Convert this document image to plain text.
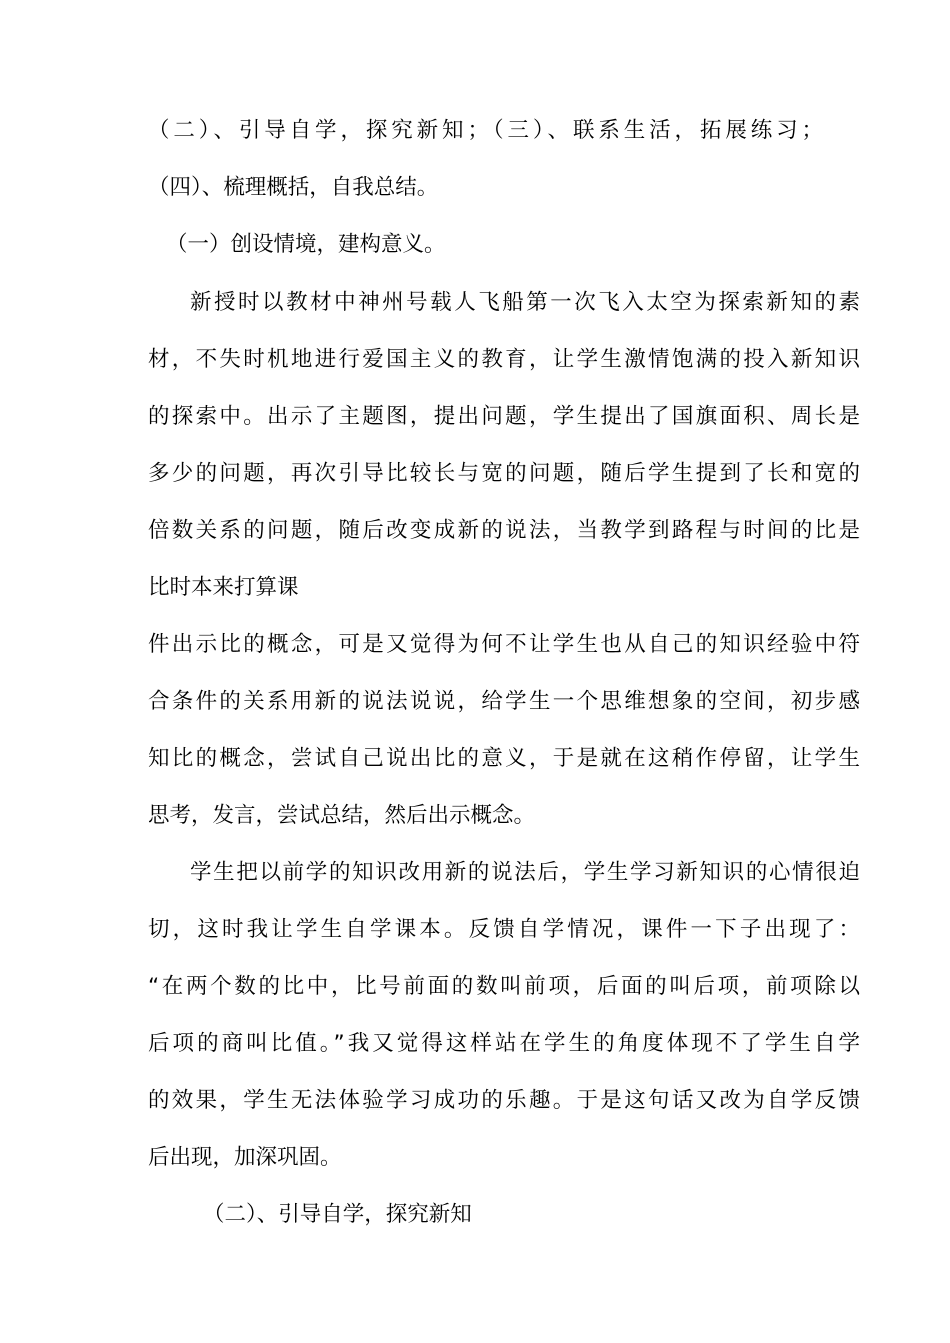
（二）、引导自学，探究新知；（三）、联系生活，拓展练习；

（四）、梳理概括，自我总结。

（一）创设情境，建构意义。

新授时以教材中神州号载人飞船第一次飞入太空为探索新知的素

材，不失时机地进行爱国主义的教育，让学生激情饱满的投入新知识

的探索中。出示了主题图，提出问题，学生提出了国旗面积、周长是

多少的问题，再次引导比较长与宽的问题，随后学生提到了长和宽的

倍数关系的问题，随后改变成新的说法，当教学到路程与时间的比是

比时本来打算课

件出示比的概念，可是又觉得为何不让学生也从自己的知识经验中符

合条件的关系用新的说法说说，给学生一个思维想象的空间，初步感

知比的概念，尝试自己说出比的意义，于是就在这稍作停留，让学生

思考，发言，尝试总结，然后出示概念。

学生把以前学的知识改用新的说法后，学生学习新知识的心情很迫

切，这时我让学生自学课本。反馈自学情况，课件一下子出现了：

“在两个数的比中，比号前面的数叫前项，后面的叫后项，前项除以

后项的商叫比值。”我又觉得这样站在学生的角度体现不了学生自学

的效果，学生无法体验学习成功的乐趣。于是这句话又改为自学反馈

后出现，加深巩固。

（二）、引导自学，探究新知
